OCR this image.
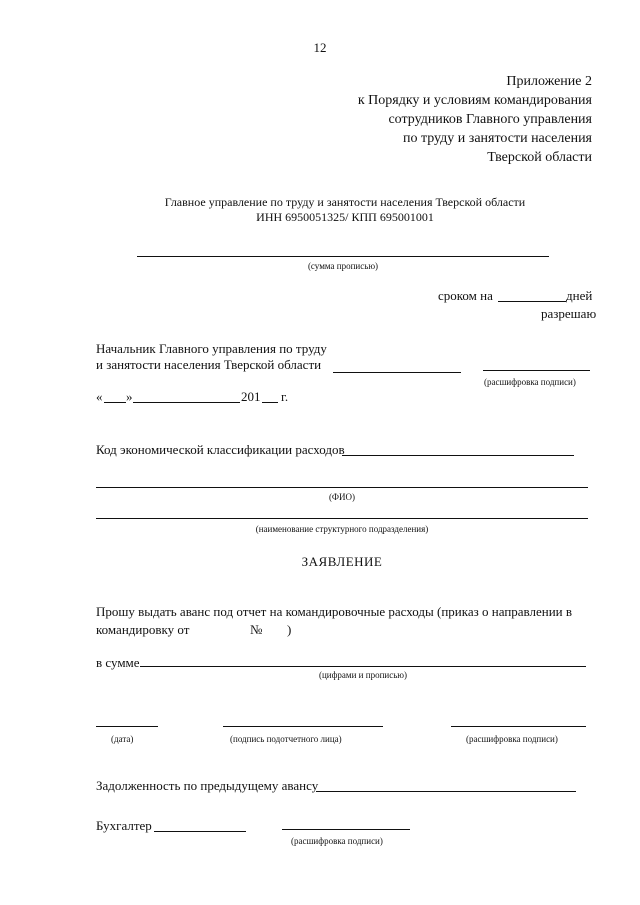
12
Приложение 2
к Порядку и условиям командирования
сотрудников Главного управления
по труду и занятости населения
Тверской области
Главное управление по труду и занятости населения Тверской области
ИНН 6950051325/ КПП 695001001
(сумма прописью)
сроком на	дней
разрешаю
Начальник Главного управления по труду
и занятости населения Тверской области
(расшифровка подписи)
« »	201 г.
Код экономической классификации расходов
(ФИО)
(наименование структурного подразделения)
ЗАЯВЛЕНИЕ
Прошу выдать аванс под отчет на командировочные расходы (приказ о направлении в
командировку от	№ )
в сумме
(цифрами и прописью)
(дата)	(подпись подотчетного лица)	(расшифровка подписи)
Задолженность по предыдущему авансу
Бухгалтер
(расшифровка подписи)
